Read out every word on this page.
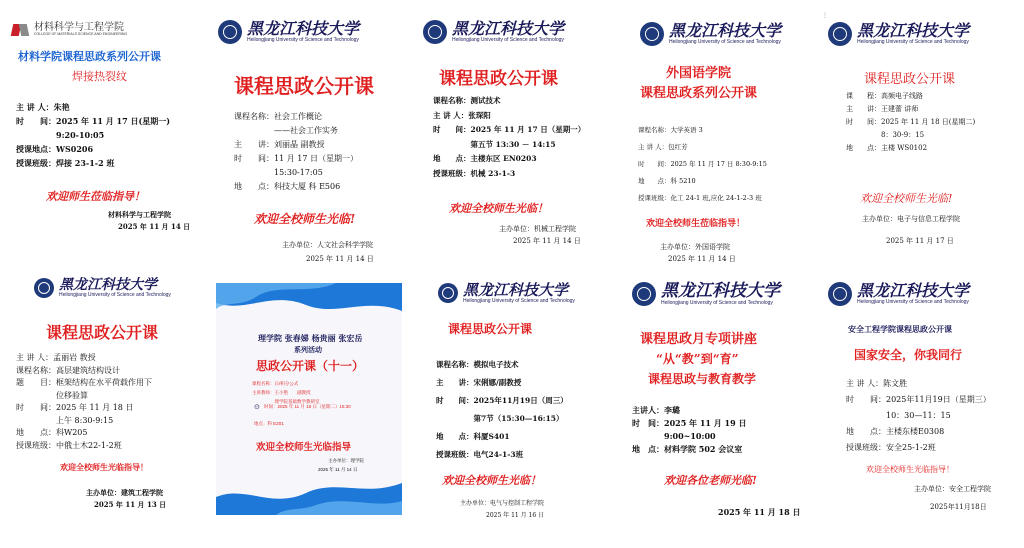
材料科学与工程学院
COLLEGE OF MATERIALS SCIENCE AND ENGINEERING
材料学院课程思政系列公开课
焊接热裂纹
主 讲 人：朱艳
时　　间：2025 年 11 月 17 日(星期一)
　　　　　9:20-10:05
授课地点：WS0206
授课班级：焊接 23-1-2 班
欢迎师生莅临指导！
材料科学与工程学院
2025 年 11 月 14 日
黑龙江科技大学
Heilongjiang University of Science and Technology
课程思政公开课
课程名称：社会工作概论
　　　　　——社会工作实务
主　　讲：刘丽晶 副教授
时　　间：11 月 17 日（星期一）
　　　　　15:30-17:05
地　　点：科技大厦 科 E506
欢迎全校师生光临!
主办单位：人文社会科学学院
2025 年 11 月 14 日
黑龙江科技大学
Heilongjiang University of Science and Technology
课程思政公开课
课程名称：测试技术
主 讲 人：张琛阳
时　　间：2025 年 11 月 17 日（星期一）
　　　　　第五节 13:30 － 14:15
地　　点：主楼东区 EN0203
授课班级：机械 23-1-3
欢迎全校师生光临！
主办单位：机械工程学院
2025 年 11 月 14 日
黑龙江科技大学
Heilongjiang University of Science and Technology
外国语学院
课程思政系列公开课
课程名称：大学英语 3
主 讲 人：包红芳
时　　间：2025 年 11 月 17 日 8:30-9:15
地　　点：科 5210
授课班级：化工 24-1 班,应化 24-1-2-3 班
欢迎全校师生莅临指导！
主办单位：外国语学院
2025 年 11 月 14 日
⋮
黑龙江科技大学
Heilongjiang University of Science and Technology
课程思政公开课
课　　程：高频电子线路
主　　讲：王建蕾 讲师
时　　间：2025 年 11 月 18 日(星期二)
　　　　　8：30-9：15
地　　点：主楼 WS0102
欢迎全校师生光临!
主办单位：电子与信息工程学院
2025 年 11 月 17 日
黑龙江科技大学
Heilongjiang University of Science and Technology
课程思政公开课
主 讲 人：孟丽岩 教授
课程名称：高层建筑结构设计
题　　目：框架结构在水平荷载作用下
　　　　　位移验算
时　　间：2025 年 11 月 18 日
　　　　　上午 8:30-9:15
地　　点：科W205
授课班级：中俄土木22-1-2班
欢迎全校师生光临指导！
主办单位：建筑工程学院
2025 年 11 月 13 日
理学院 张春娣 杨贵丽 张宏岳
系列活动
思政公开课（十一）
课程名称：日/积分公式
主讲教师：王小艳　　副教授
　　　　　理学院基础数学教研室
⊙ 时间：2025 年 11 月 18 日（星期二）15:30
地点：科 E201
欢迎全校师生光临指导
主办单位：理学院
2025 年 11 月 14 日
黑龙江科技大学
Heilongjiang University of Science and Technology
课程思政公开课
课程名称：模拟电子技术
主　　讲：宋俐娜/副教授
时　　间：2025年11月19日（周三）
　　　　　第7节（15:30—16:15）
地　　点：科厦S401
授课班级：电气24-1-3班
欢迎全校师生光临！
主办单位：电气与控制工程学院
2025 年 11 月 16 日
黑龙江科技大学
Heilongjiang University of Science and Technology
课程思政月专项讲座
“从“教”到“育”
课程思政与教育教学
主讲人：李璐
时　间：2025 年 11 月 19 日
　　　　9:00~10:00
地　点：材料学院 502 会议室
欢迎各位老师光临!
2025 年 11 月 18 日
黑龙江科技大学
Heilongjiang University of Science and Technology
安全工程学院课程思政公开课
国家安全，你我同行
主 讲 人：陈文胜
时　　间：2025年11月19日（星期三）
　　　　　10：30—11：15
地　　点：主楼东楼E0308
授课班级：安全25-1-2班
欢迎全校师生光临指导！
主办单位：安全工程学院
2025年11月18日
